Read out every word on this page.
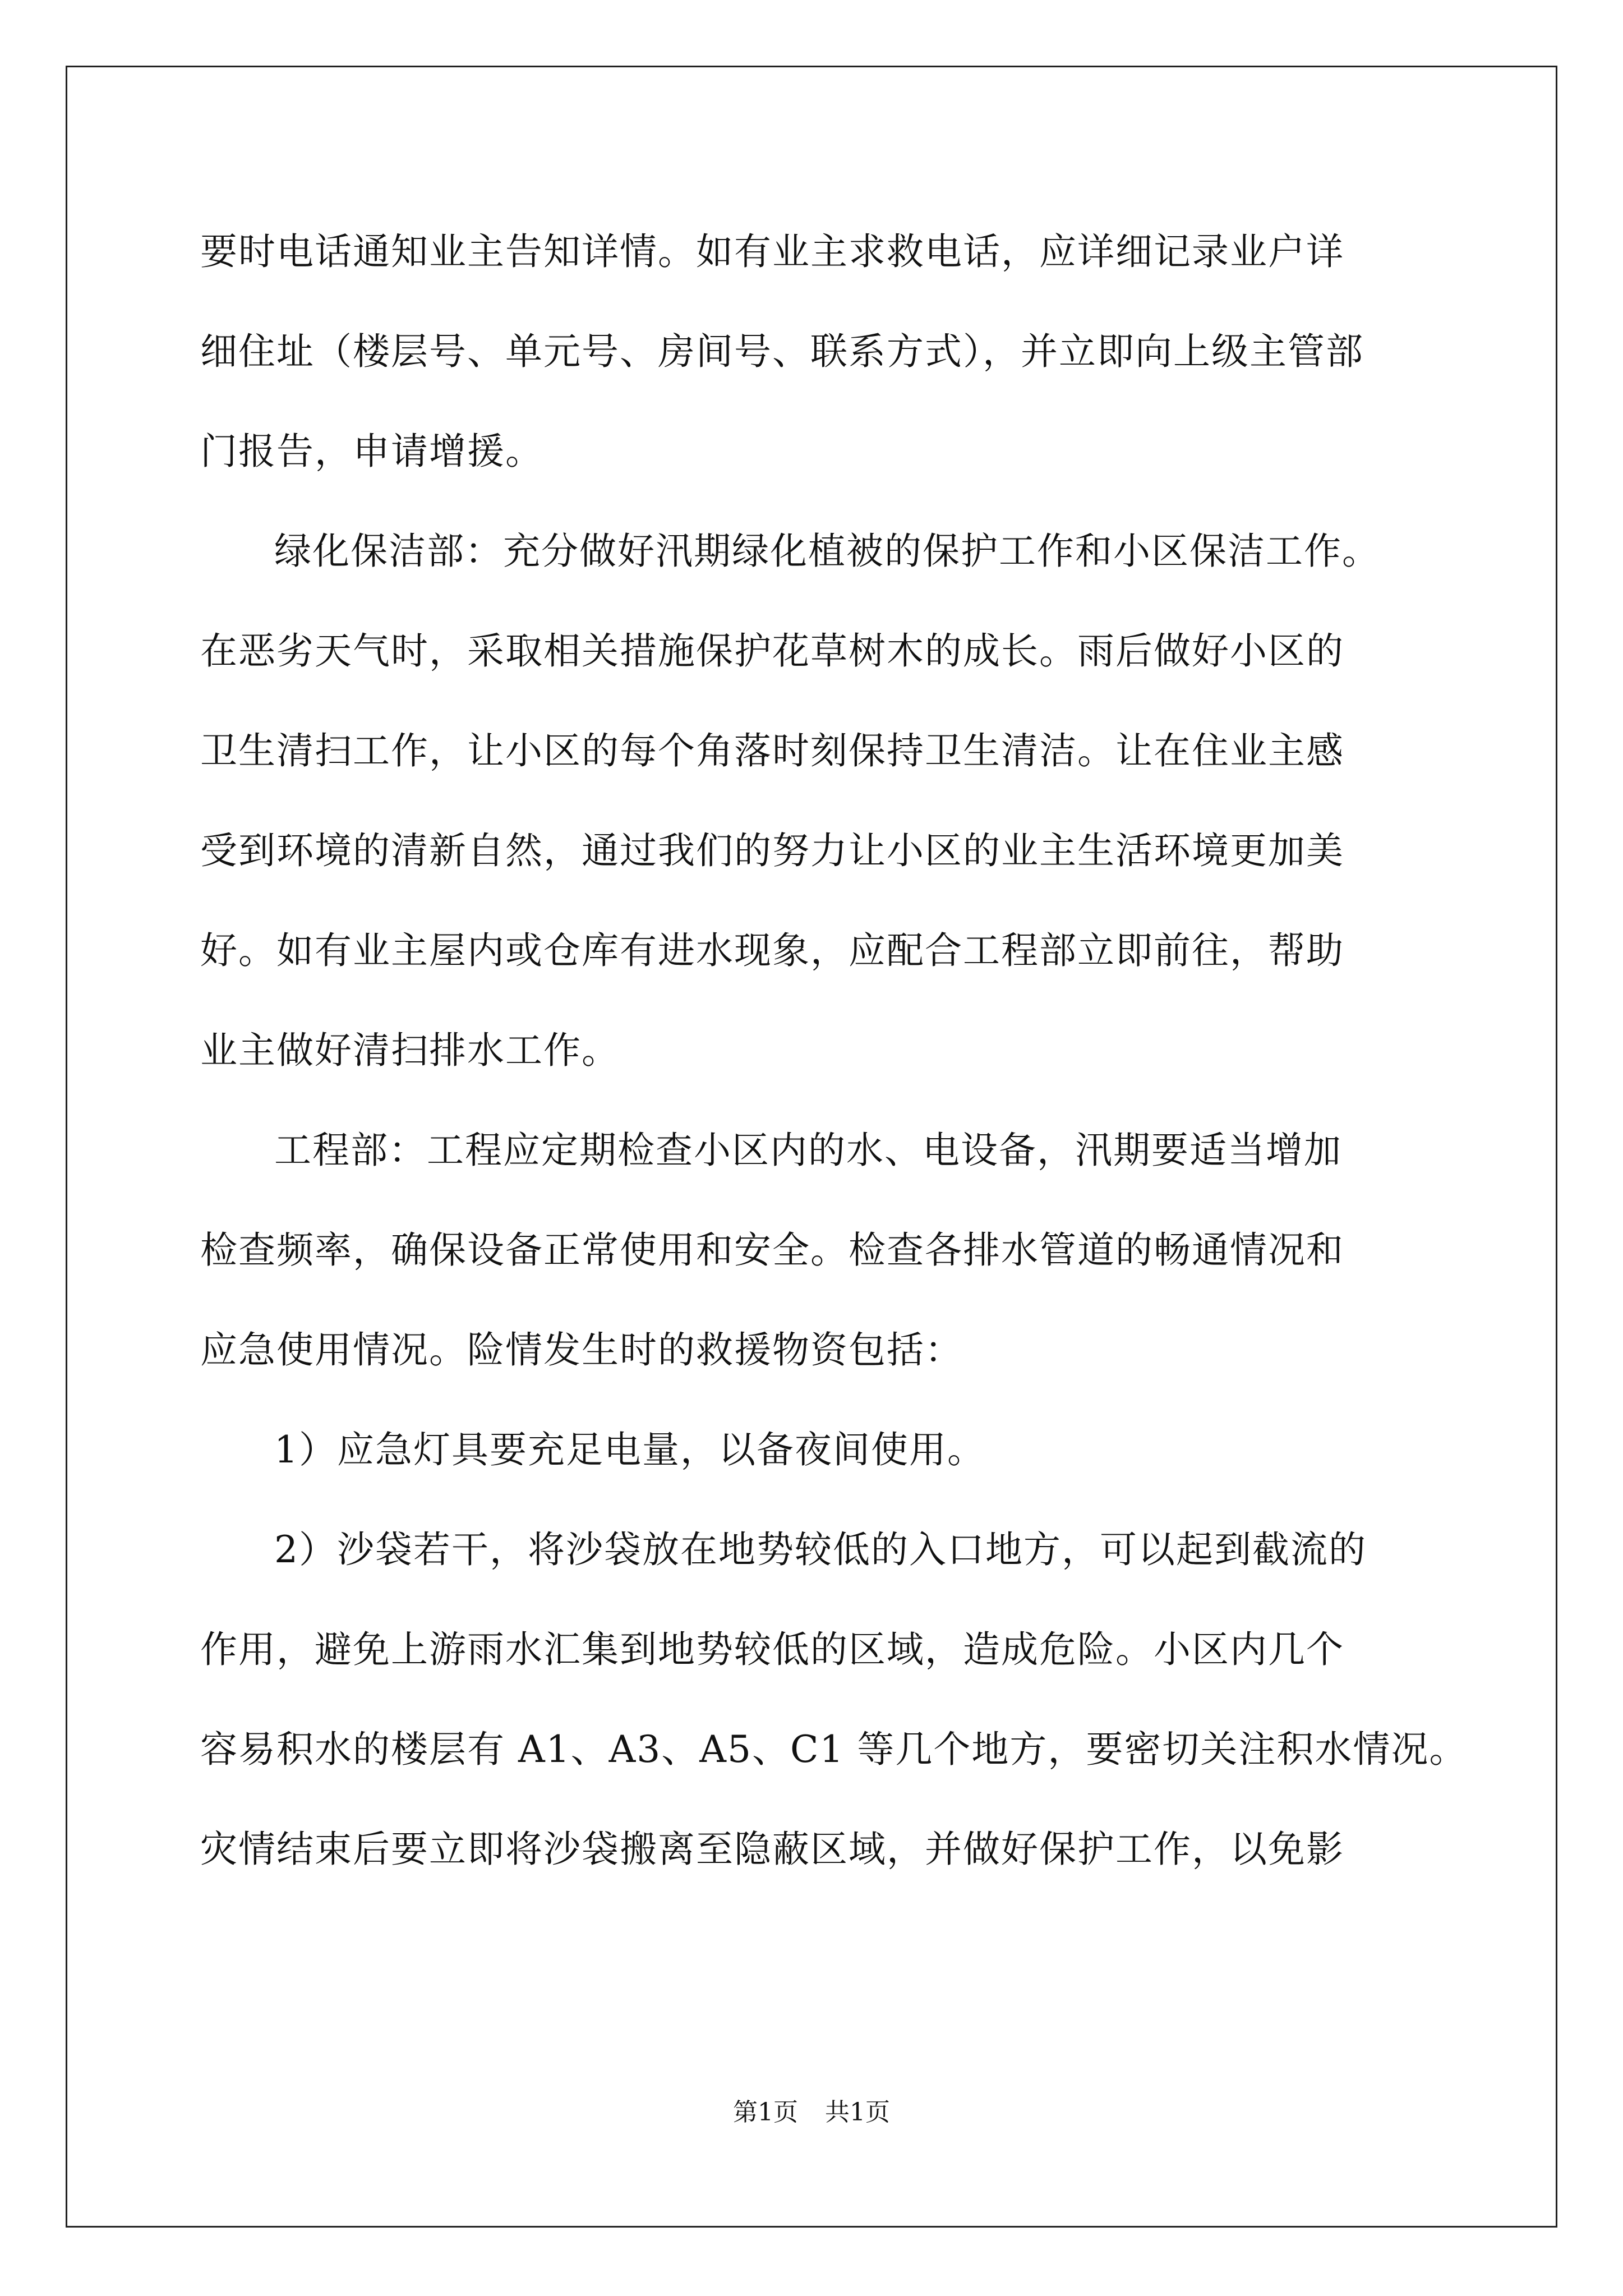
要时电话通知业主告知详情。如有业主求救电话，应详细记录业户详
细住址（楼层号、单元号、房间号、联系方式），并立即向上级主管部
门报告，申请增援。
绿化保洁部：充分做好汛期绿化植被的保护工作和小区保洁工作。
在恶劣天气时，采取相关措施保护花草树木的成长。雨后做好小区的
卫生清扫工作，让小区的每个角落时刻保持卫生清洁。让在住业主感
受到环境的清新自然，通过我们的努力让小区的业主生活环境更加美
好。如有业主屋内或仓库有进水现象，应配合工程部立即前往，帮助
业主做好清扫排水工作。
工程部：工程应定期检查小区内的水、电设备，汛期要适当增加
检查频率，确保设备正常使用和安全。检查各排水管道的畅通情况和
应急使用情况。险情发生时的救援物资包括：
1）应急灯具要充足电量，以备夜间使用。
2）沙袋若干，将沙袋放在地势较低的入口地方，可以起到截流的
作用，避免上游雨水汇集到地势较低的区域，造成危险。小区内几个
容易积水的楼层有 A1、A3、A5、C1 等几个地方，要密切关注积水情况。
灾情结束后要立即将沙袋搬离至隐蔽区域，并做好保护工作，以免影
第1页 共1页
